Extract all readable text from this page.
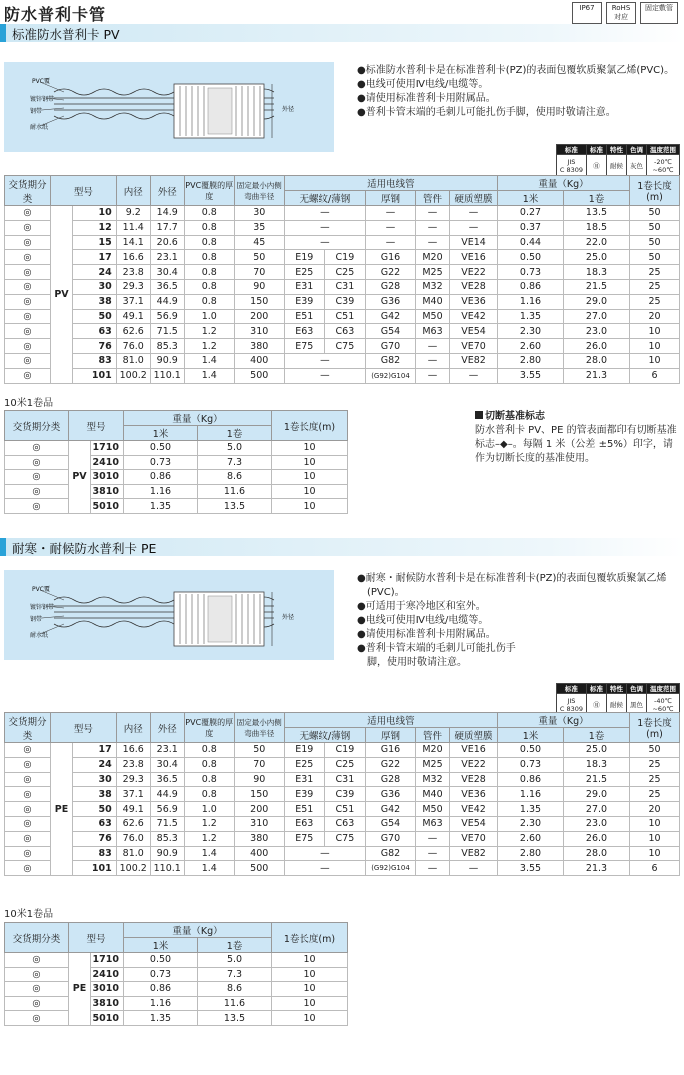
防水普利卡管	IP67	RoHS
对应
固定敷管
标准防水普利卡 PV
PVC覆
镀锌钢带
钢带
耐水纸
外径
●标准防水普利卡是在标准普利卡(PZ)的表面包覆软质聚氯乙烯(PVC)。
●电线可使用Ⅳ电线/电缆等。
●请使用标准普利卡用附属品。
●普利卡管末端的毛刺儿可能扎伤手脚，使用时敬请注意。
标准	标准	特性	色调	温度范围
JIS
C 8309	㊊	耐候	灰色	-20℃
~60℃
交货期分类	型号		内径	外径	PVC覆膜的厚度	固定最小内侧弯曲半径	适用电线管					重量（Kg）		1卷长度(m)
							无螺纹/薄钢		厚钢	管件	硬质塑膜	1米	1卷	
◎	PV	10	9.2	14.9	0.8	30	—		—	—	—	0.27	13.5	50
◎		12	11.4	17.7	0.8	35	—		—	—	—	0.37	18.5	50
◎		15	14.1	20.6	0.8	45	—		—	—	VE14	0.44	22.0	50
◎		17	16.6	23.1	0.8	50	E19	C19	G16	M20	VE16	0.50	25.0	50
◎		24	23.8	30.4	0.8	70	E25	C25	G22	M25	VE22	0.73	18.3	25
◎		30	29.3	36.5	0.8	90	E31	C31	G28	M32	VE28	0.86	21.5	25
◎		38	37.1	44.9	0.8	150	E39	C39	G36	M40	VE36	1.16	29.0	25
◎		50	49.1	56.9	1.0	200	E51	C51	G42	M50	VE42	1.35	27.0	20
◎		63	62.6	71.5	1.2	310	E63	C63	G54	M63	VE54	2.30	23.0	10
◎		76	76.0	85.3	1.2	380	E75	C75	G70	—	VE70	2.60	26.0	10
◎		83	81.0	90.9	1.4	400	—		G82	—	VE82	2.80	28.0	10
◎		101	100.2	110.1	1.4	500	—		(G92)G104	—	—	3.55	21.3	6
10米1卷品
交货期分类	型号		重量（Kg）		1卷长度(m)
			1米	1卷	
◎	PV	1710	0.50	5.0	10
◎		2410	0.73	7.3	10
◎		3010	0.86	8.6	10
◎		3810	1.16	11.6	10
◎		5010	1.35	13.5	10
切断基准标志
防水普利卡 PV、PE 的管表面都印有切断基准标志–◆–。每隔 1 米（公差 ±5%）印字，请作为切断长度的基准使用。
耐寒・耐候防水普利卡 PE
PVC覆
镀锌钢带
钢带
耐水纸
外径
●耐寒・耐候防水普利卡是在标准普利卡(PZ)的表面包覆软质聚氯乙烯(PVC)。
●可适用于寒冷地区和室外。
●电线可使用Ⅳ电线/电缆等。
●请使用标准普利卡用附属品。
●普利卡管末端的毛刺儿可能扎伤手脚，使用时敬请注意。
标准	标准	特性	色调	温度范围
JIS
C 8309	㊊	耐候	黑色	-40℃
~60℃
交货期分类	型号		内径	外径	PVC覆膜的厚度	固定最小内侧弯曲半径	适用电线管					重量（Kg）		1卷长度(m)
							无螺纹/薄钢		厚钢	管件	硬质塑膜	1米	1卷	
◎	PE	17	16.6	23.1	0.8	50	E19	C19	G16	M20	VE16	0.50	25.0	50
◎		24	23.8	30.4	0.8	70	E25	C25	G22	M25	VE22	0.73	18.3	25
◎		30	29.3	36.5	0.8	90	E31	C31	G28	M32	VE28	0.86	21.5	25
◎		38	37.1	44.9	0.8	150	E39	C39	G36	M40	VE36	1.16	29.0	25
◎		50	49.1	56.9	1.0	200	E51	C51	G42	M50	VE42	1.35	27.0	20
◎		63	62.6	71.5	1.2	310	E63	C63	G54	M63	VE54	2.30	23.0	10
◎		76	76.0	85.3	1.2	380	E75	C75	G70	—	VE70	2.60	26.0	10
◎		83	81.0	90.9	1.4	400	—		G82	—	VE82	2.80	28.0	10
◎		101	100.2	110.1	1.4	500	—		(G92)G104	—	—	3.55	21.3	6
10米1卷品
交货期分类	型号		重量（Kg）		1卷长度(m)
			1米	1卷	
◎	PE	1710	0.50	5.0	10
◎		2410	0.73	7.3	10
◎		3010	0.86	8.6	10
◎		3810	1.16	11.6	10
◎		5010	1.35	13.5	10
